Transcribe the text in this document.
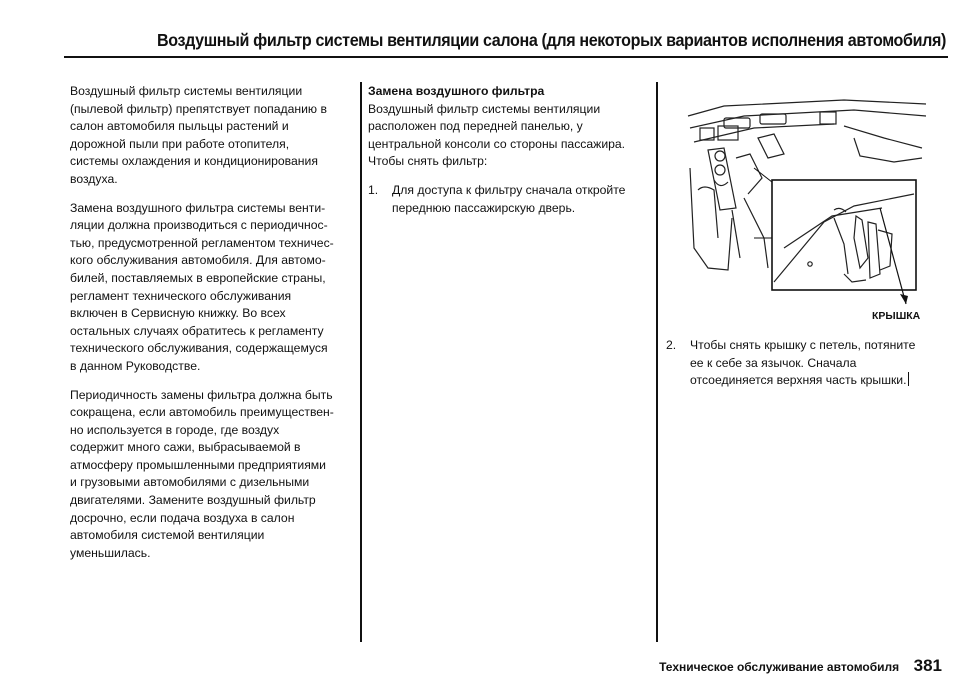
Воздушный фильтр системы вентиляции салона (для некоторых вариантов исполнения автомобиля)

Воздушный фильтр системы вентиляции
(пылевой фильтр) препятствует попаданию в
салон автомобиля пыльцы растений и
дорожной пыли при работе отопителя,
системы охлаждения и кондиционирования
воздуха.

Замена воздушного фильтра системы венти-
ляции должна производиться с периодичнос-
тью, предусмотренной регламентом техничес-
кого обслуживания автомобиля. Для автомо-
билей, поставляемых в европейские страны,
регламент технического обслуживания
включен в Сервисную книжку. Во всех
остальных случаях обратитесь к регламенту
технического обслуживания, содержащемуся
в данном Руководстве.

Периодичность замены фильтра должна быть
сокращена, если автомобиль преимуществен-
но используется в городе, где воздух
содержит много сажи, выбрасываемой в
атмосферу промышленными предприятиями
и грузовыми автомобилями с дизельными
двигателями. Замените воздушный фильтр
досрочно, если подача воздуха в салон
автомобиля системой вентиляции
уменьшилась.

Замена воздушного фильтра

Воздушный фильтр системы вентиляции
расположен под передней панелью, у
центральной консоли со стороны пассажира.
Чтобы снять фильтр:

1.	Для доступа к фильтру сначала откройте
переднюю пассажирскую дверь.
КРЫШКА
2.	Чтобы снять крышку с петель, потяните
ее к себе за язычок. Сначала
отсоединяется верхняя часть крышки.
Техническое обслуживание автомобиля 381
